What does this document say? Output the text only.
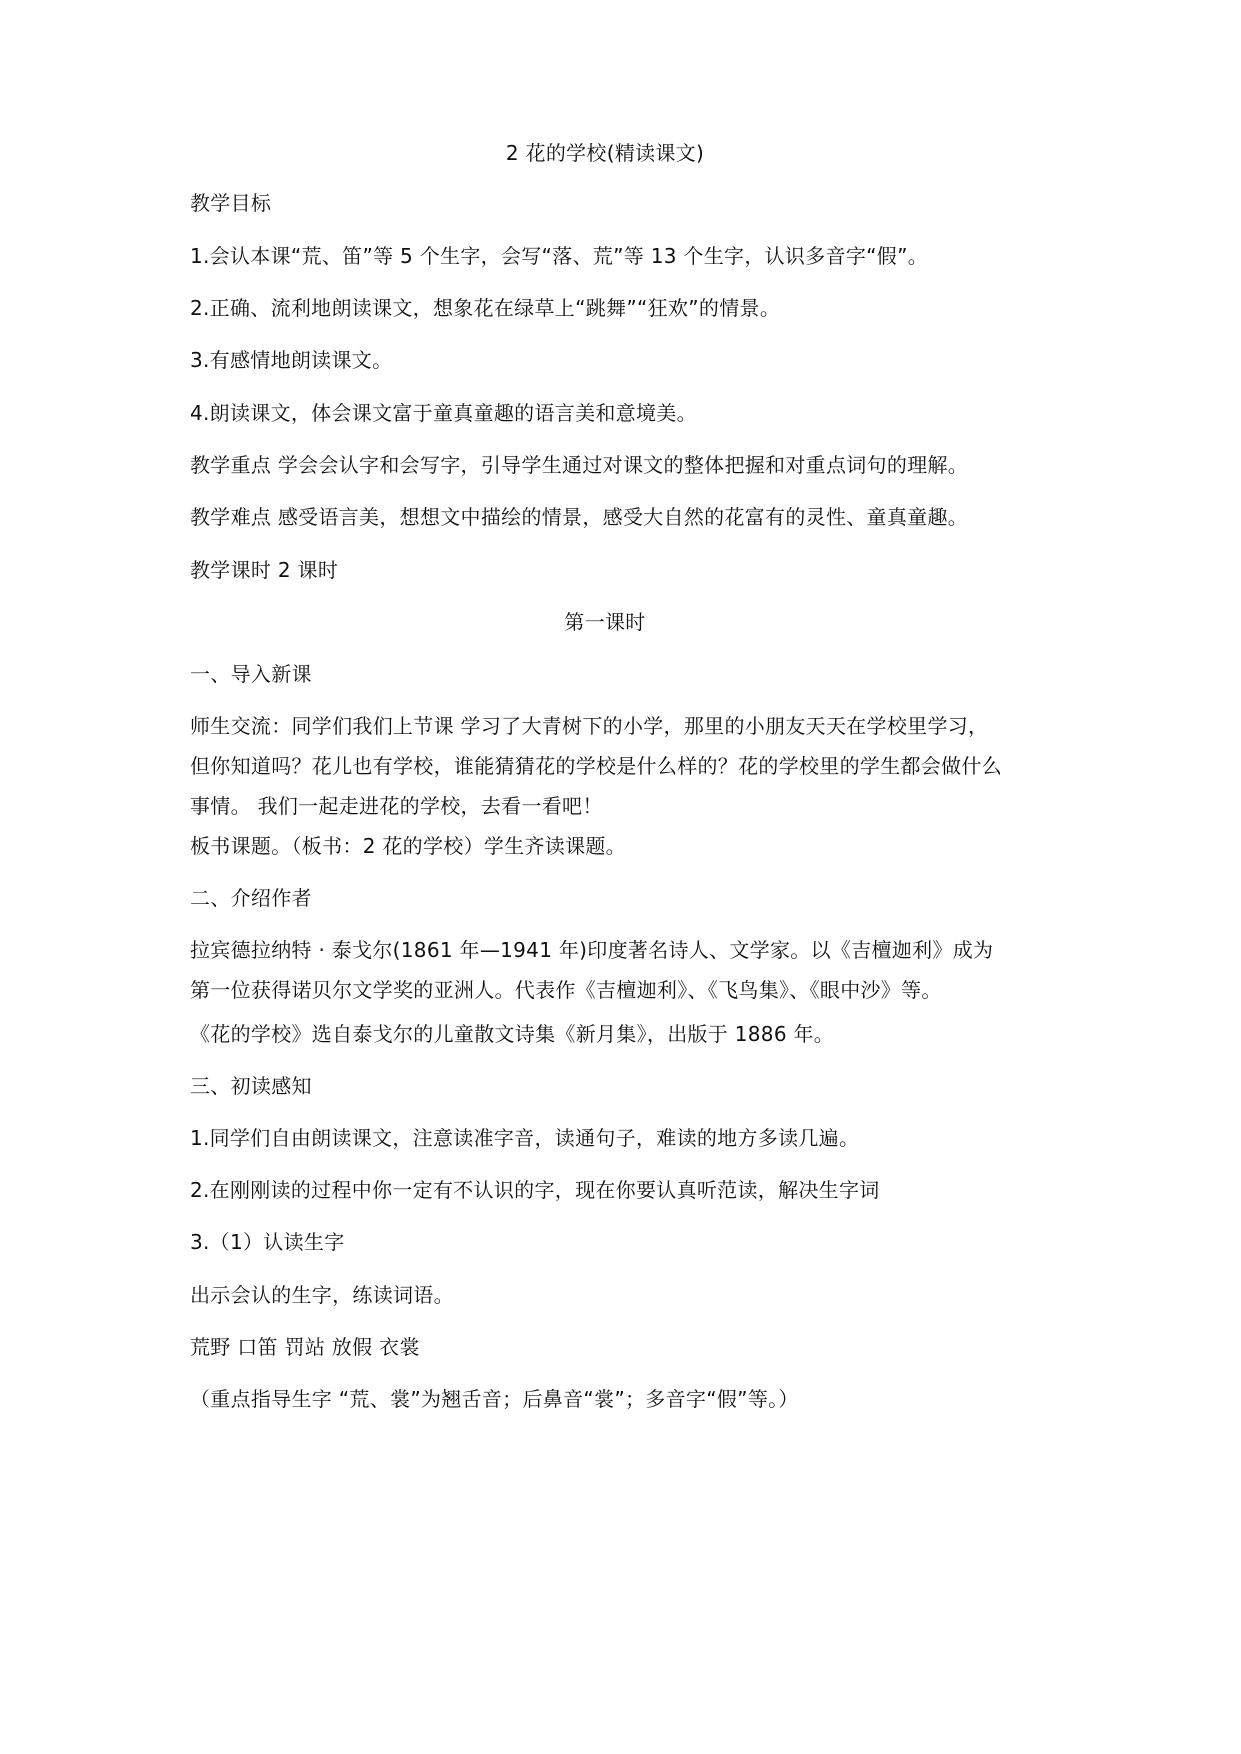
2 花的学校(精读课文)
教学目标
1.会认本课“荒、笛”等 5 个生字，会写“落、荒”等 13 个生字，认识多音字“假”。
2.正确、流利地朗读课文，想象花在绿草上“跳舞”“狂欢”的情景。
3.有感情地朗读课文。
4.朗读课文，体会课文富于童真童趣的语言美和意境美。
教学重点 学会会认字和会写字，引导学生通过对课文的整体把握和对重点词句的理解。
教学难点 感受语言美，想想文中描绘的情景，感受大自然的花富有的灵性、童真童趣。
教学课时 2 课时
第一课时
一、导入新课
师生交流：同学们我们上节课 学习了大青树下的小学，那里的小朋友天天在学校里学习，
但你知道吗？花儿也有学校，谁能猜猜花的学校是什么样的？花的学校里的学生都会做什么
事情。 我们一起走进花的学校，去看一看吧！
板书课题。（板书：2 花的学校）学生齐读课题。
二、介绍作者
拉宾德拉纳特 · 泰戈尔(1861 年—1941 年)印度著名诗人、文学家。以《吉檀迦利》成为
第一位获得诺贝尔文学奖的亚洲人。代表作《吉檀迦利》、《飞鸟集》、《眼中沙》等。
《花的学校》选自泰戈尔的儿童散文诗集《新月集》，出版于 1886 年。
三、初读感知
1.同学们自由朗读课文，注意读准字音，读通句子，难读的地方多读几遍。
2.在刚刚读的过程中你一定有不认识的字，现在你要认真听范读，解决生字词
3.（1）认读生字
出示会认的生字，练读词语。
荒野 口笛 罚站 放假 衣裳
（重点指导生字 “荒、裳”为翘舌音；后鼻音“裳”；多音字“假”等。）
